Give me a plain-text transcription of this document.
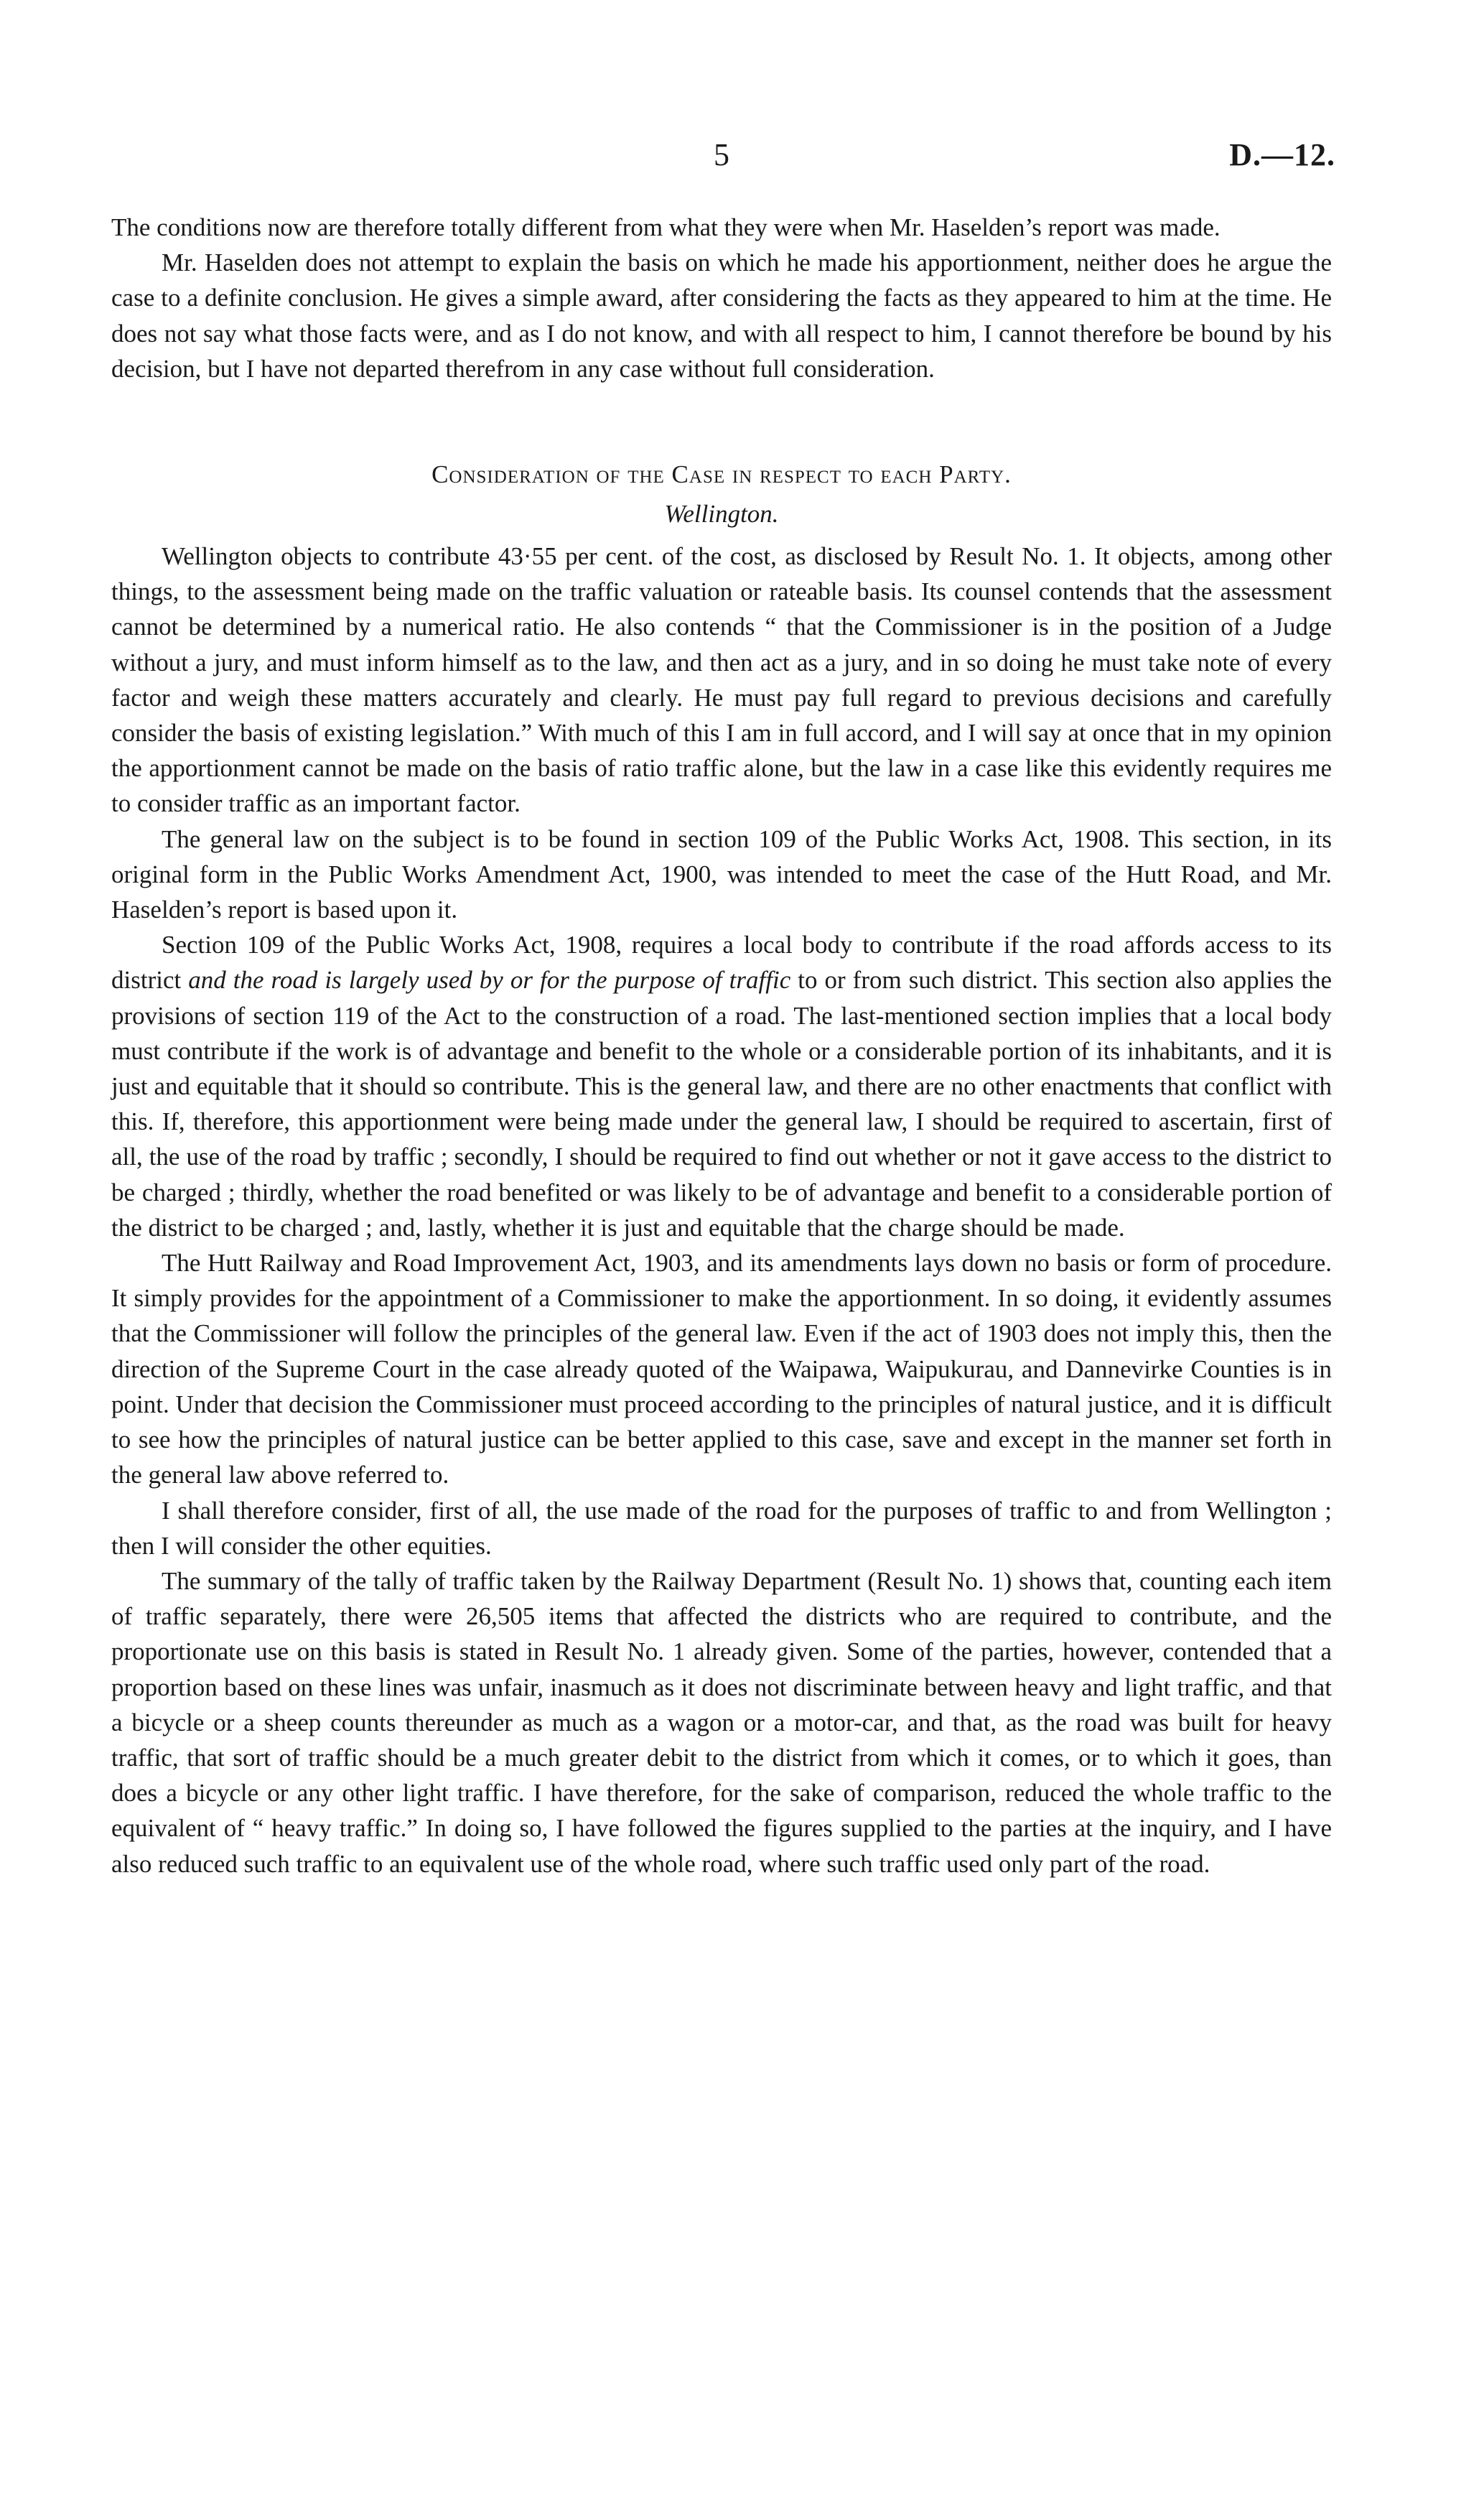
5	D.—12.

The conditions now are therefore totally different from what they were when Mr. Haselden’s report was made.

Mr. Haselden does not attempt to explain the basis on which he made his apportionment, neither does he argue the case to a definite conclusion. He gives a simple award, after considering the facts as they appeared to him at the time. He does not say what those facts were, and as I do not know, and with all respect to him, I cannot therefore be bound by his decision, but I have not departed therefrom in any case without full consideration.

Consideration of the Case in respect to each Party.
Wellington.

Wellington objects to contribute 43·55 per cent. of the cost, as disclosed by Result No. 1. It objects, among other things, to the assessment being made on the traffic valuation or rateable basis. Its counsel contends that the assessment cannot be determined by a numerical ratio. He also contends “ that the Commissioner is in the position of a Judge without a jury, and must inform himself as to the law, and then act as a jury, and in so doing he must take note of every factor and weigh these matters accurately and clearly. He must pay full regard to previous decisions and carefully consider the basis of existing legislation.” With much of this I am in full accord, and I will say at once that in my opinion the apportionment cannot be made on the basis of ratio traffic alone, but the law in a case like this evidently requires me to consider traffic as an important factor.

The general law on the subject is to be found in section 109 of the Public Works Act, 1908. This section, in its original form in the Public Works Amendment Act, 1900, was intended to meet the case of the Hutt Road, and Mr. Haselden’s report is based upon it.

Section 109 of the Public Works Act, 1908, requires a local body to contribute if the road affords access to its district and the road is largely used by or for the purpose of traffic to or from such district. This section also applies the provisions of section 119 of the Act to the construction of a road. The last-mentioned section implies that a local body must contribute if the work is of advantage and benefit to the whole or a considerable portion of its inhabitants, and it is just and equitable that it should so contribute. This is the general law, and there are no other enactments that conflict with this. If, therefore, this apportionment were being made under the general law, I should be required to ascertain, first of all, the use of the road by traffic ; secondly, I should be required to find out whether or not it gave access to the district to be charged ; thirdly, whether the road benefited or was likely to be of advantage and benefit to a considerable portion of the district to be charged ; and, lastly, whether it is just and equitable that the charge should be made.

The Hutt Railway and Road Improvement Act, 1903, and its amendments lays down no basis or form of procedure. It simply provides for the appointment of a Commissioner to make the apportionment. In so doing, it evidently assumes that the Commissioner will follow the principles of the general law. Even if the act of 1903 does not imply this, then the direction of the Supreme Court in the case already quoted of the Waipawa, Waipukurau, and Dannevirke Counties is in point. Under that decision the Commissioner must proceed according to the principles of natural justice, and it is difficult to see how the principles of natural justice can be better applied to this case, save and except in the manner set forth in the general law above referred to.

I shall therefore consider, first of all, the use made of the road for the purposes of traffic to and from Wellington ; then I will consider the other equities.

The summary of the tally of traffic taken by the Railway Department (Result No. 1) shows that, counting each item of traffic separately, there were 26,505 items that affected the districts who are required to contribute, and the proportionate use on this basis is stated in Result No. 1 already given. Some of the parties, however, contended that a proportion based on these lines was unfair, inasmuch as it does not discriminate between heavy and light traffic, and that a bicycle or a sheep counts thereunder as much as a wagon or a motor-car, and that, as the road was built for heavy traffic, that sort of traffic should be a much greater debit to the district from which it comes, or to which it goes, than does a bicycle or any other light traffic. I have therefore, for the sake of comparison, reduced the whole traffic to the equivalent of “ heavy traffic.” In doing so, I have followed the figures supplied to the parties at the inquiry, and I have also reduced such traffic to an equivalent use of the whole road, where such traffic used only part of the road.
